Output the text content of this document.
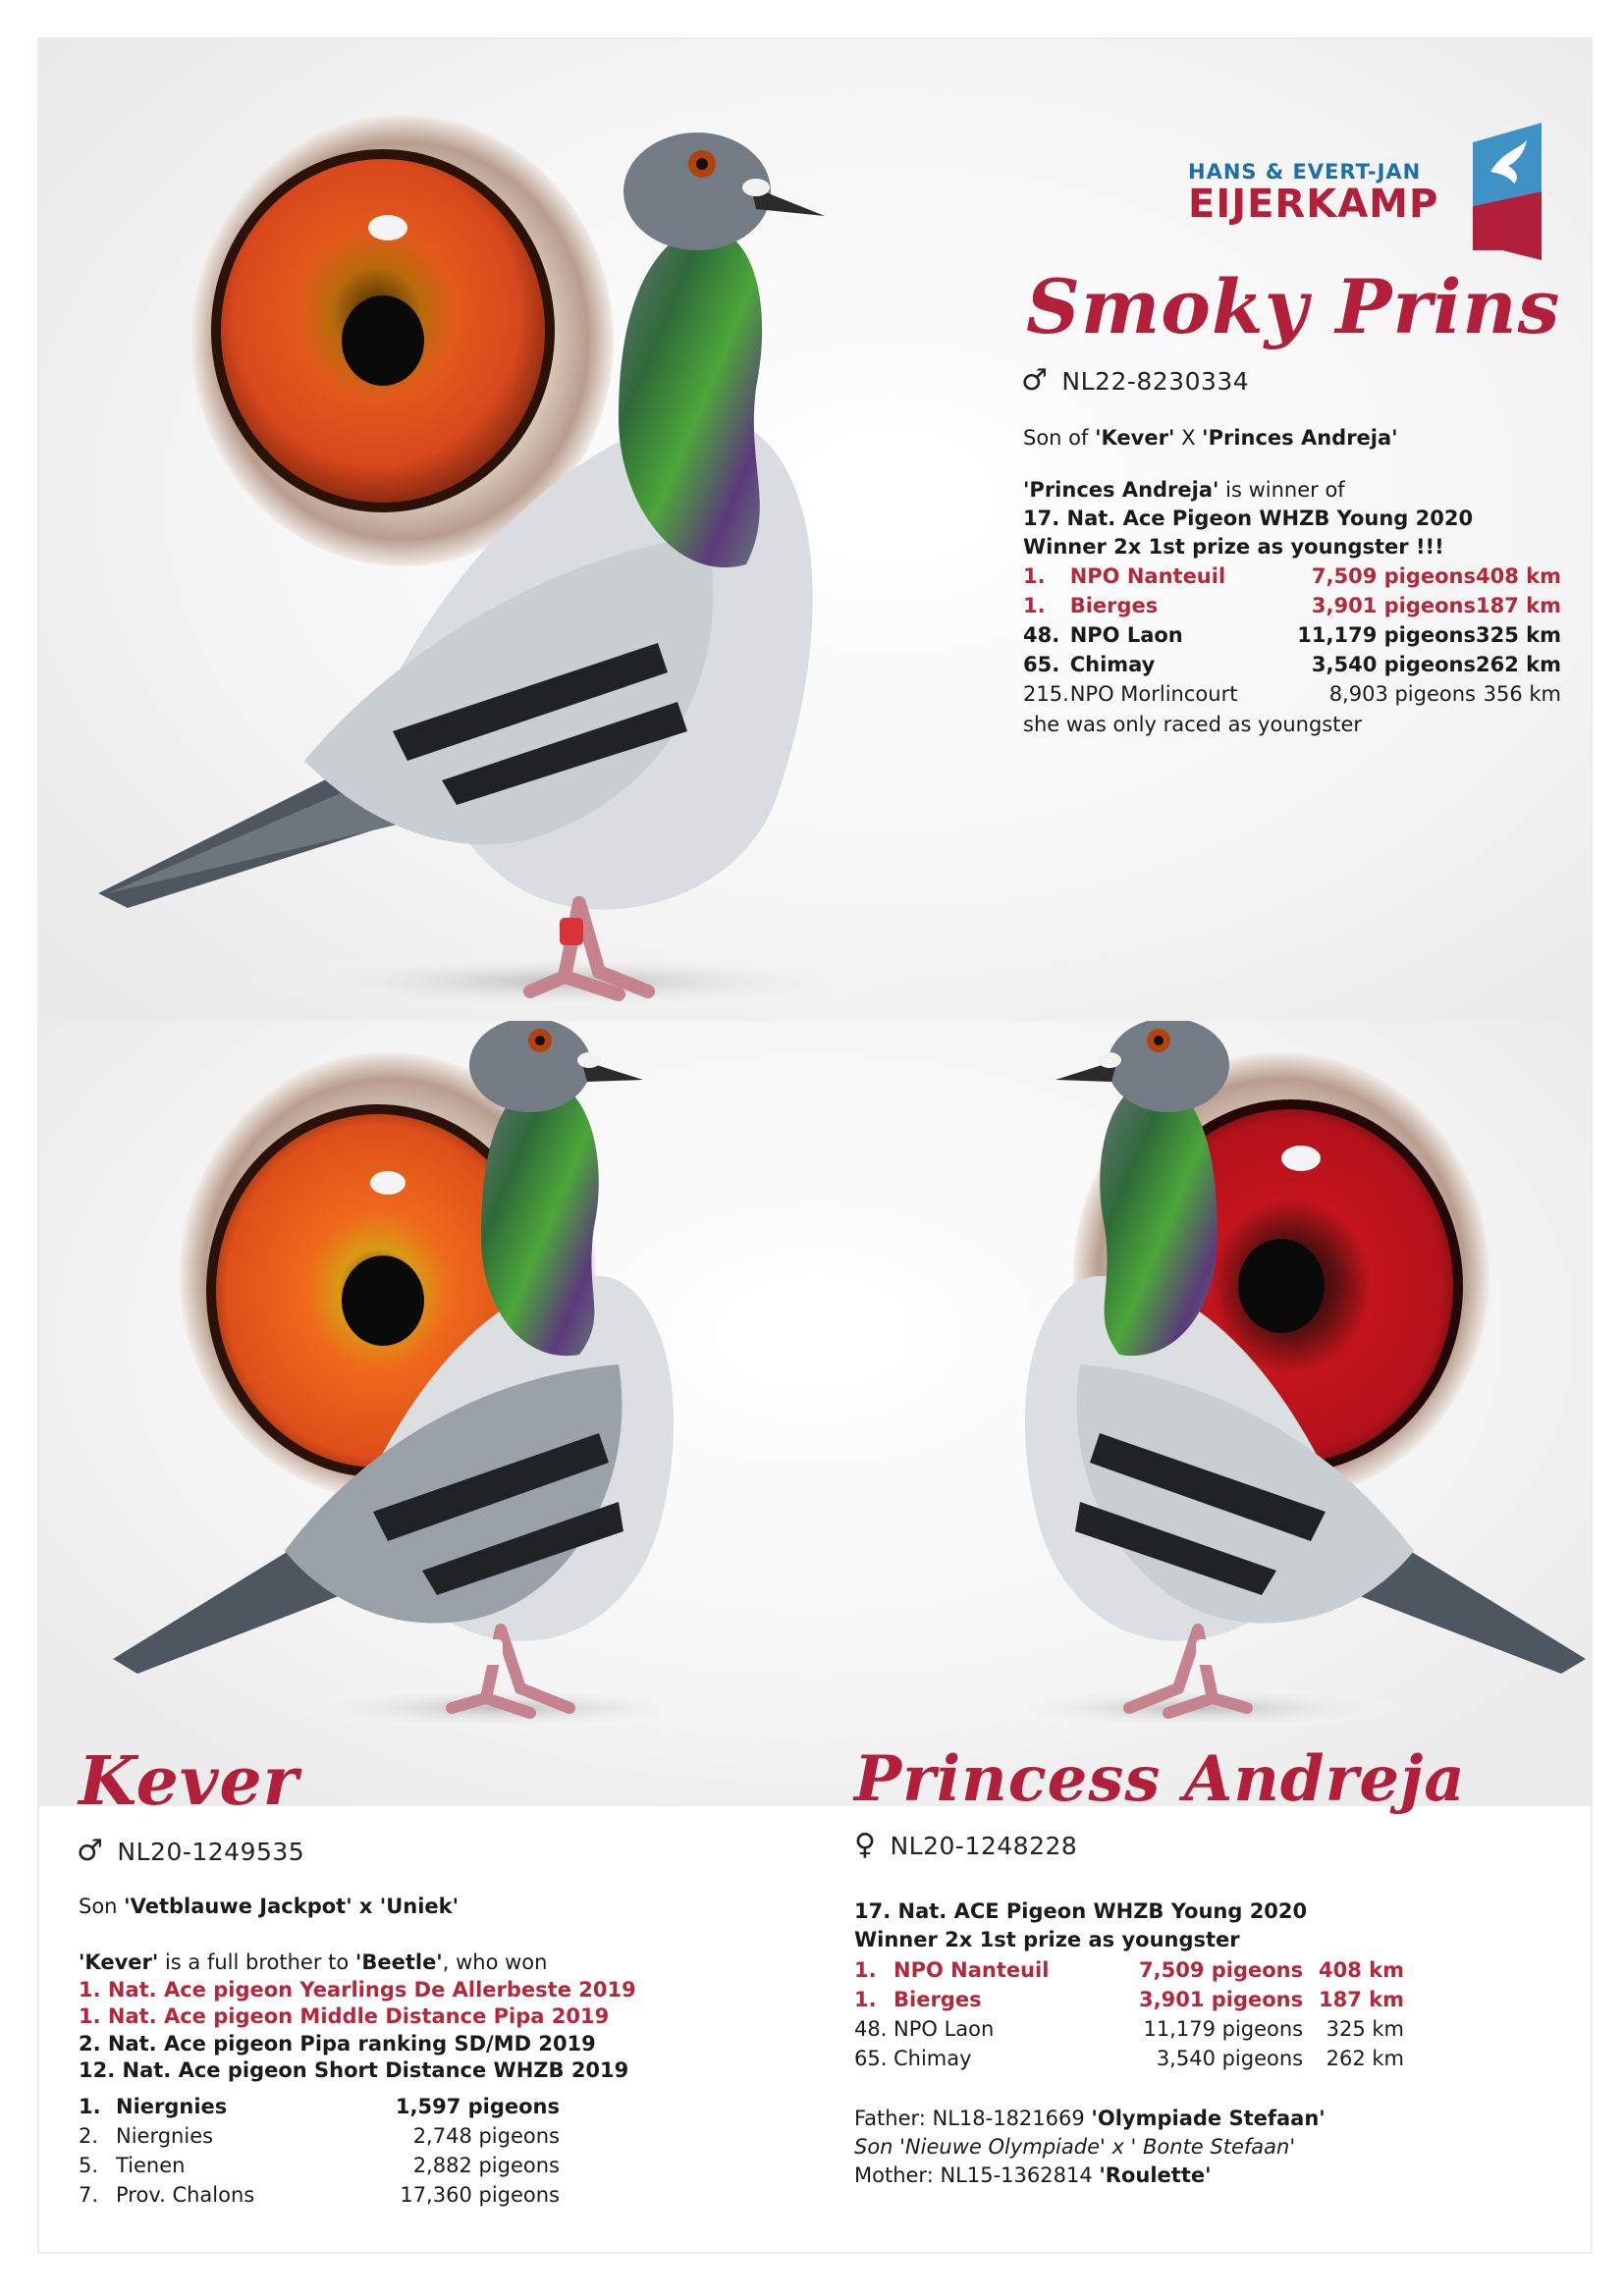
HANS & EVERT-JAN
EIJERKAMP
Smoky Prins
♂ NL22-8230334
Son of 'Kever' X 'Princes Andreja'
'Princes Andreja' is winner of
17. Nat. Ace Pigeon WHZB Young 2020
Winner 2x 1st prize as youngster !!!
1.	NPO Nanteuil	7,509 pigeons	408 km
1.	Bierges	3,901 pigeons	187 km
48.	NPO Laon	11,179 pigeons	325 km
65.	Chimay	3,540 pigeons	262 km
215.	NPO Morlincourt	8,903 pigeons	356 km
she was only raced as youngster
Kever
♂ NL20-1249535
Son 'Vetblauwe Jackpot' x 'Uniek'
'Kever' is a full brother to 'Beetle', who won
1. Nat. Ace pigeon Yearlings De Allerbeste 2019
1. Nat. Ace pigeon Middle Distance Pipa 2019
2. Nat. Ace pigeon Pipa ranking SD/MD 2019
12. Nat. Ace pigeon Short Distance WHZB 2019
1.	Niergnies	1,597 pigeons
2.	Niergnies	2,748 pigeons
5.	Tienen	2,882 pigeons
7.	Prov. Chalons	17,360 pigeons
Princess Andreja
♀ NL20-1248228
17. Nat. ACE Pigeon WHZB Young 2020
Winner 2x 1st prize as youngster
1.	NPO Nanteuil	7,509 pigeons	408 km
1.	Bierges	3,901 pigeons	187 km
48.	NPO Laon	11,179 pigeons	325 km
65.	Chimay	3,540 pigeons	262 km
Father: NL18-1821669 'Olympiade Stefaan'
Son 'Nieuwe Olympiade' x ' Bonte Stefaan'
Mother: NL15-1362814 'Roulette'
